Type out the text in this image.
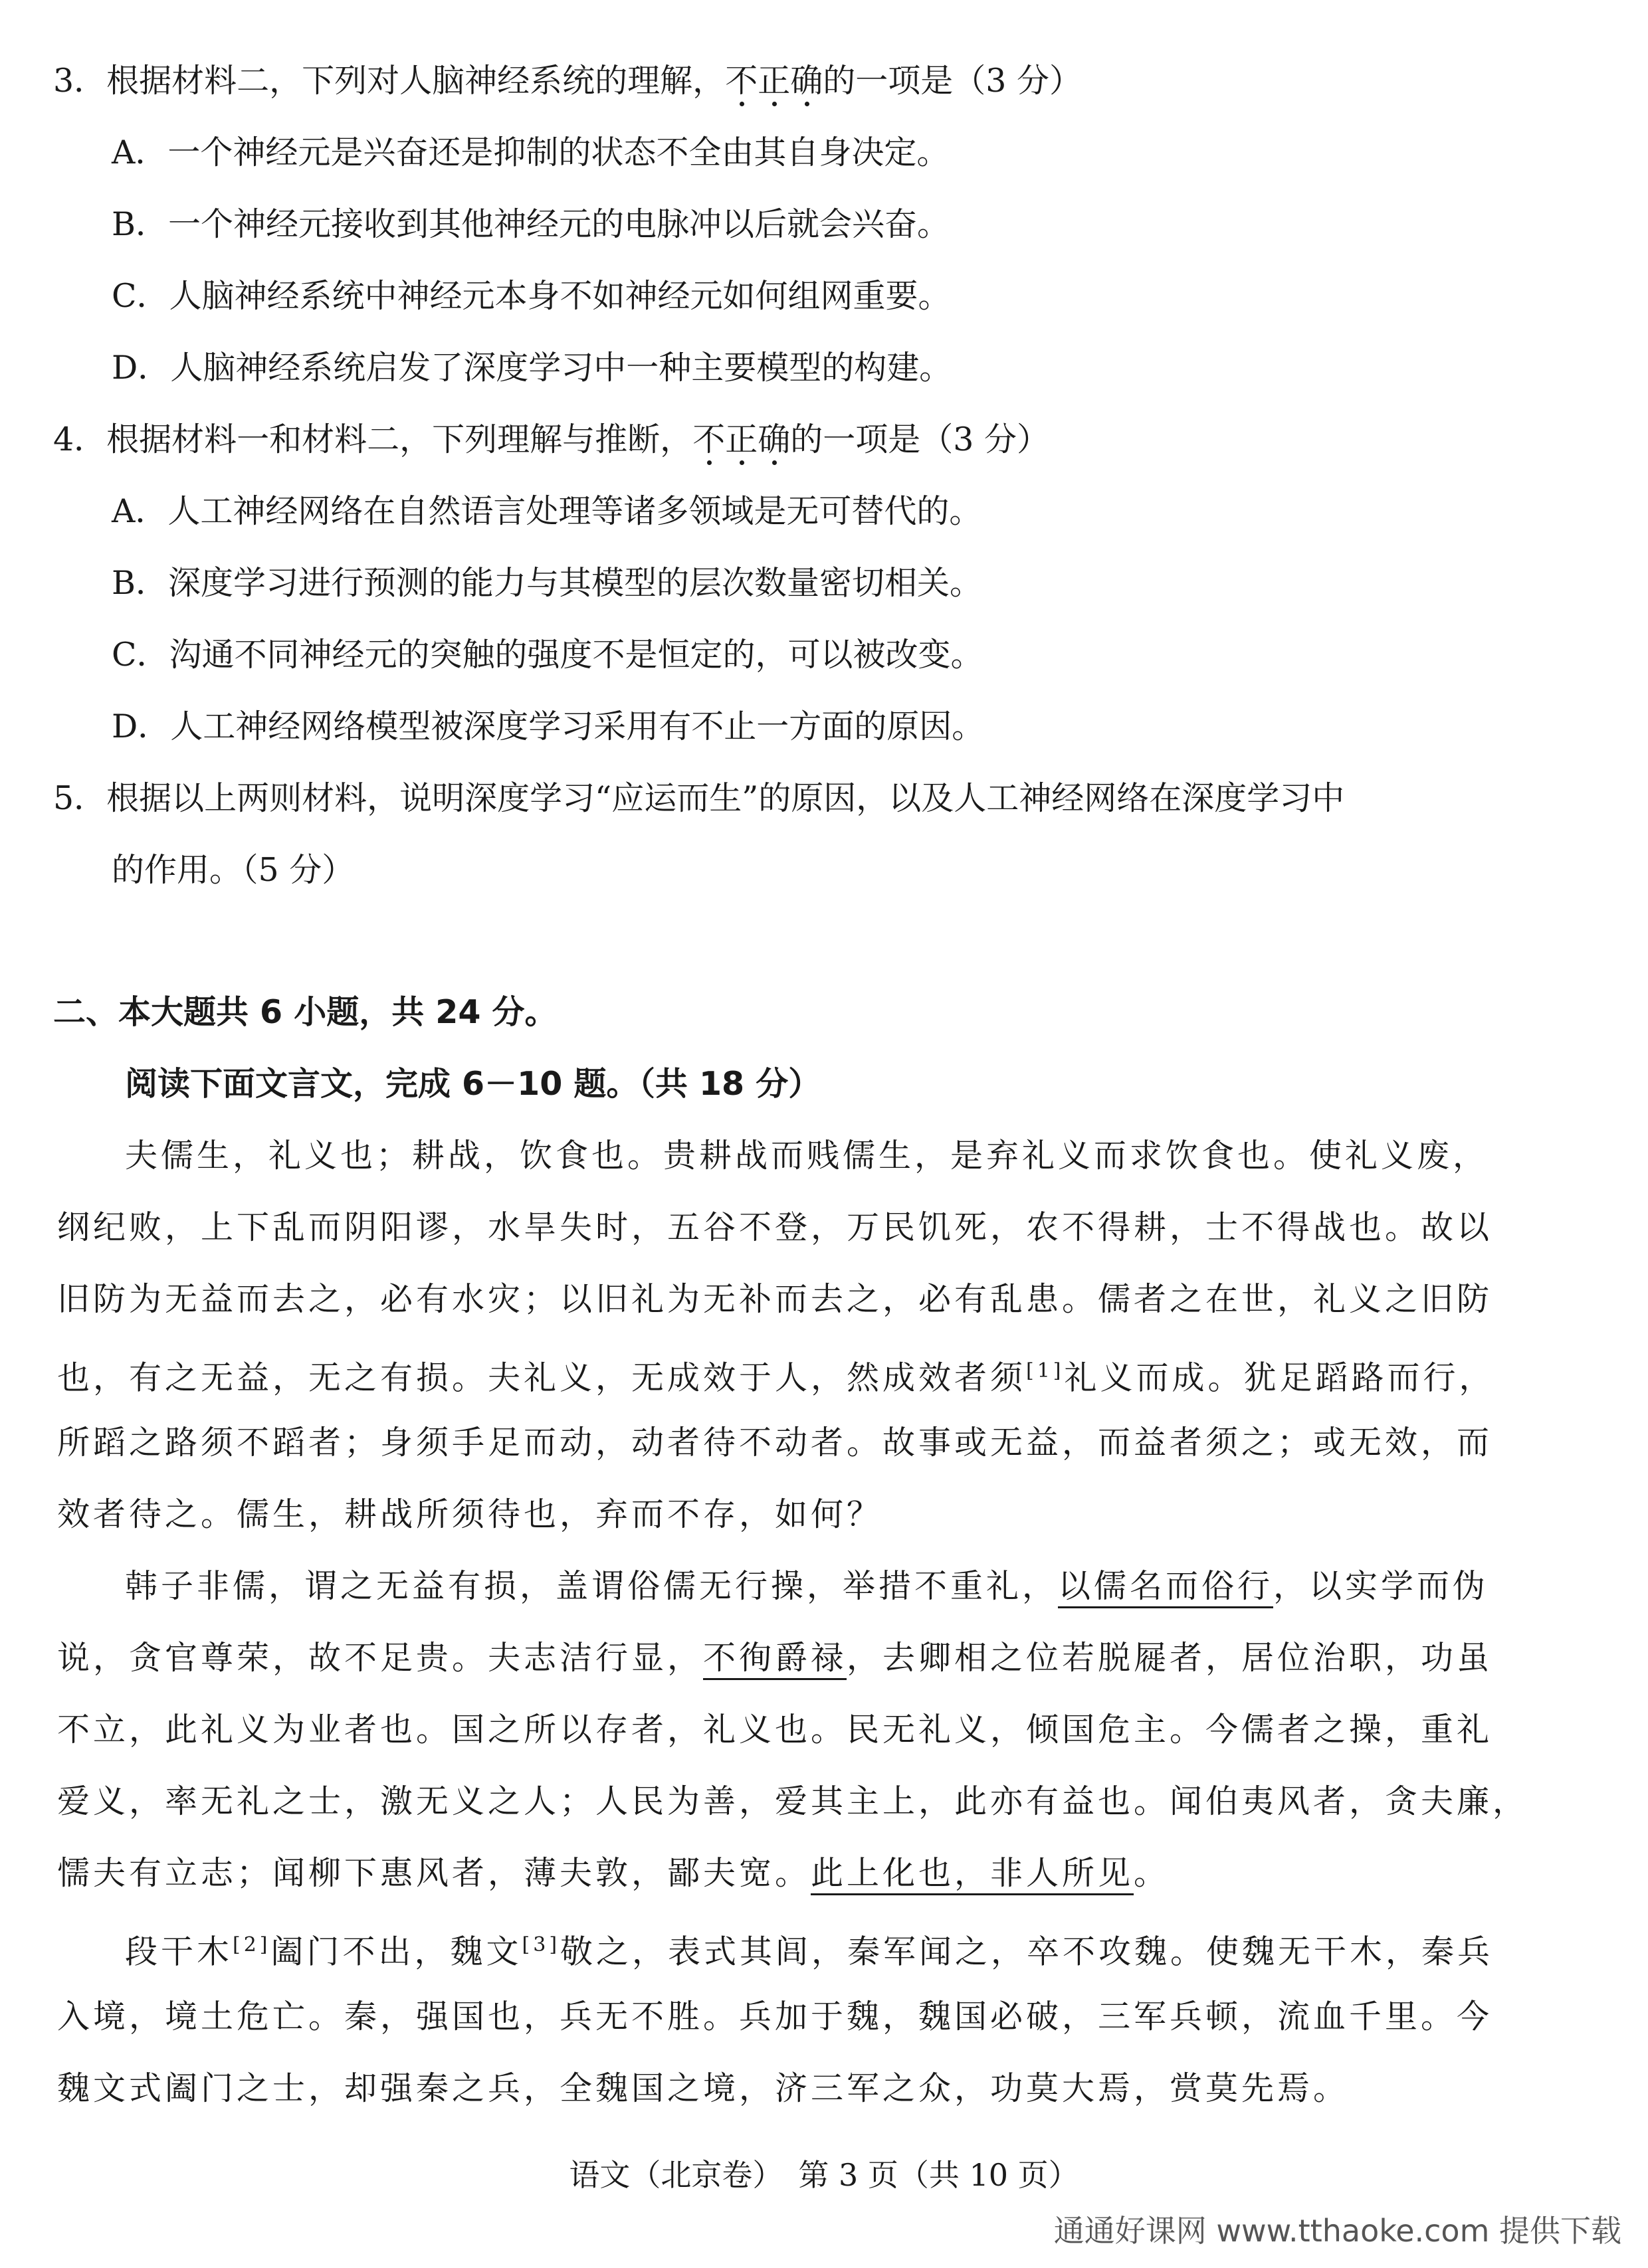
3．根据材料二，下列对人脑神经系统的理解，不正确的一项是（3 分）
A．一个神经元是兴奋还是抑制的状态不全由其自身决定。
B．一个神经元接收到其他神经元的电脉冲以后就会兴奋。
C．人脑神经系统中神经元本身不如神经元如何组网重要。
D．人脑神经系统启发了深度学习中一种主要模型的构建。
4．根据材料一和材料二，下列理解与推断，不正确的一项是（3 分）
A．人工神经网络在自然语言处理等诸多领域是无可替代的。
B．深度学习进行预测的能力与其模型的层次数量密切相关。
C．沟通不同神经元的突触的强度不是恒定的，可以被改变。
D．人工神经网络模型被深度学习采用有不止一方面的原因。
5．根据以上两则材料，说明深度学习“应运而生”的原因，以及人工神经网络在深度学习中
的作用。（5 分）
二、本大题共 6 小题，共 24 分。
阅读下面文言文，完成 6－10 题。（共 18 分）
夫儒生，礼义也；耕战，饮食也。贵耕战而贱儒生，是弃礼义而求饮食也。使礼义废，
纲纪败，上下乱而阴阳谬，水旱失时，五谷不登，万民饥死，农不得耕，士不得战也。故以
旧防为无益而去之，必有水灾；以旧礼为无补而去之，必有乱患。儒者之在世，礼义之旧防
也，有之无益，无之有损。夫礼义，无成效于人，然成效者须[1]礼义而成。犹足蹈路而行，
所蹈之路须不蹈者；身须手足而动，动者待不动者。故事或无益，而益者须之；或无效，而
效者待之。儒生，耕战所须待也，弃而不存，如何？
韩子非儒，谓之无益有损，盖谓俗儒无行操，举措不重礼，以儒名而俗行，以实学而伪
说，贪官尊荣，故不足贵。夫志洁行显，不徇爵禄，去卿相之位若脱屣者，居位治职，功虽
不立，此礼义为业者也。国之所以存者，礼义也。民无礼义，倾国危主。今儒者之操，重礼
爱义，率无礼之士，激无义之人；人民为善，爱其主上，此亦有益也。闻伯夷风者，贪夫廉，
懦夫有立志；闻柳下惠风者，薄夫敦，鄙夫宽。此上化也，非人所见。
段干木[2]阖门不出，魏文[3]敬之，表式其闾，秦军闻之，卒不攻魏。使魏无干木，秦兵
入境，境土危亡。秦，强国也，兵无不胜。兵加于魏，魏国必破，三军兵顿，流血千里。今
魏文式阖门之士，却强秦之兵，全魏国之境，济三军之众，功莫大焉，赏莫先焉。
语文（北京卷）　第 3 页（共 10 页）
通通好课网 www.tthaoke.com 提供下载
